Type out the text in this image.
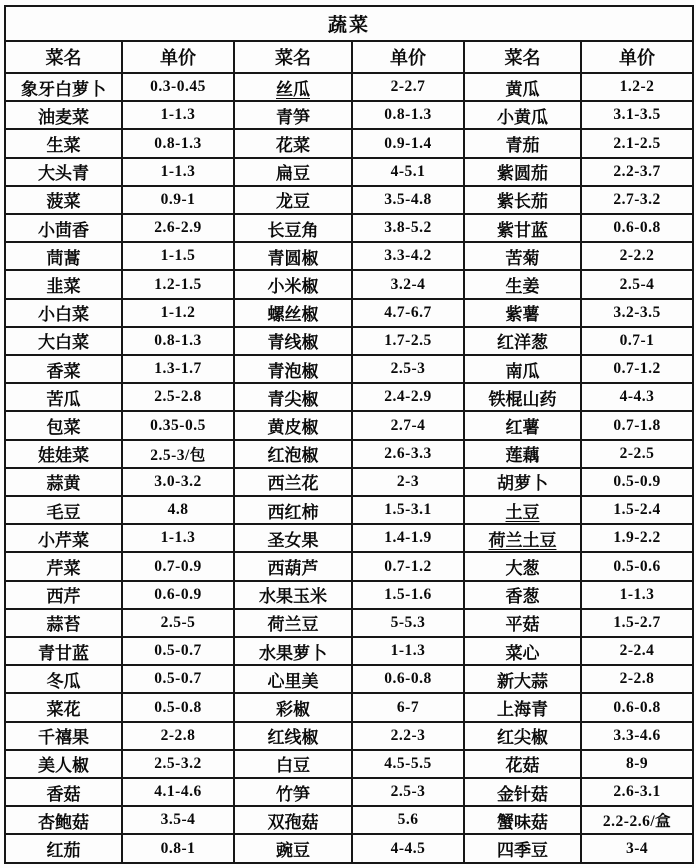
蔬菜					
菜名	单价	菜名	单价	菜名	单价
象牙白萝卜	0.3-0.45	丝瓜	2-2.7	黄瓜	1.2-2
油麦菜	1-1.3	青笋	0.8-1.3	小黄瓜	3.1-3.5
生菜	0.8-1.3	花菜	0.9-1.4	青茄	2.1-2.5
大头青	1-1.3	扁豆	4-5.1	紫圆茄	2.2-3.7
菠菜	0.9-1	龙豆	3.5-4.8	紫长茄	2.7-3.2
小茴香	2.6-2.9	长豆角	3.8-5.2	紫甘蓝	0.6-0.8
茼蒿	1-1.5	青圆椒	3.3-4.2	苦菊	2-2.2
韭菜	1.2-1.5	小米椒	3.2-4	生姜	2.5-4
小白菜	1-1.2	螺丝椒	4.7-6.7	紫薯	3.2-3.5
大白菜	0.8-1.3	青线椒	1.7-2.5	红洋葱	0.7-1
香菜	1.3-1.7	青泡椒	2.5-3	南瓜	0.7-1.2
苦瓜	2.5-2.8	青尖椒	2.4-2.9	铁棍山药	4-4.3
包菜	0.35-0.5	黄皮椒	2.7-4	红薯	0.7-1.8
娃娃菜	2.5-3/包	红泡椒	2.6-3.3	莲藕	2-2.5
蒜黄	3.0-3.2	西兰花	2-3	胡萝卜	0.5-0.9
毛豆	4.8	西红柿	1.5-3.1	土豆	1.5-2.4
小芹菜	1-1.3	圣女果	1.4-1.9	荷兰土豆	1.9-2.2
芹菜	0.7-0.9	西葫芦	0.7-1.2	大葱	0.5-0.6
西芹	0.6-0.9	水果玉米	1.5-1.6	香葱	1-1.3
蒜苔	2.5-5	荷兰豆	5-5.3	平菇	1.5-2.7
青甘蓝	0.5-0.7	水果萝卜	1-1.3	菜心	2-2.4
冬瓜	0.5-0.7	心里美	0.6-0.8	新大蒜	2-2.8
菜花	0.5-0.8	彩椒	6-7	上海青	0.6-0.8
千禧果	2-2.8	红线椒	2.2-3	红尖椒	3.3-4.6
美人椒	2.5-3.2	白豆	4.5-5.5	花菇	8-9
香菇	4.1-4.6	竹笋	2.5-3	金针菇	2.6-3.1
杏鲍菇	3.5-4	双孢菇	5.6	蟹味菇	2.2-2.6/盒
红茄	0.8-1	豌豆	4-4.5	四季豆	3-4
